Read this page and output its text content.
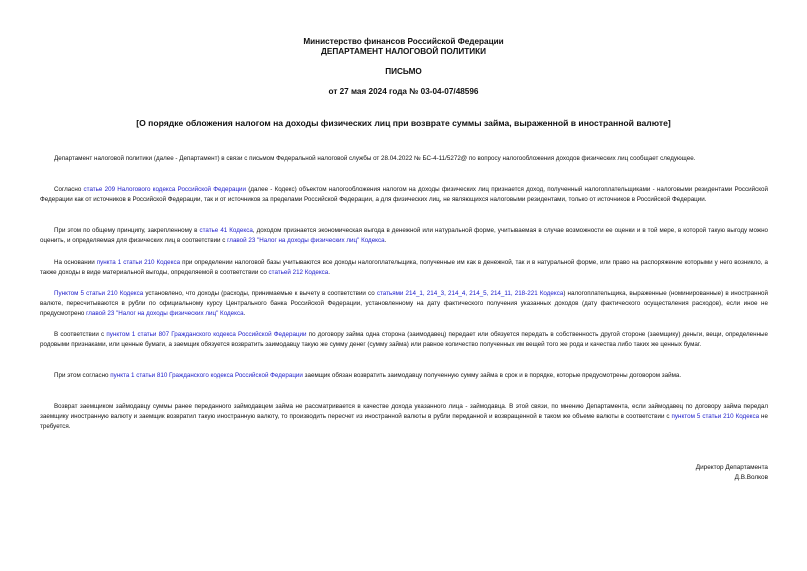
Министерство финансов Российской Федерации
ДЕПАРТАМЕНТ НАЛОГОВОЙ ПОЛИТИКИ
ПИСЬМО
от 27 мая 2024 года № 03-04-07/48596
[О порядке обложения налогом на доходы физических лиц при возврате суммы займа, выраженной в иностранной валюте]
Департамент налоговой политики (далее - Департамент) в связи с письмом Федеральной налоговой службы от 28.04.2022 № БС-4-11/5272@ по вопросу налогообложения доходов физических лиц сообщает следующее.
Согласно статье 209 Налогового кодекса Российской Федерации (далее - Кодекс) объектом налогообложения налогом на доходы физических лиц признается доход, полученный налогоплательщиками - налоговыми резидентами Российской Федерации как от источников в Российской Федерации, так и от источников за пределами Российской Федерации, а для физических лиц, не являющихся налоговыми резидентами, только от источников в Российской Федерации.
При этом по общему принципу, закрепленному в статье 41 Кодекса, доходом признается экономическая выгода в денежной или натуральной форме, учитываемая в случае возможности ее оценки и в той мере, в которой такую выгоду можно оценить, и определяемая для физических лиц в соответствии с главой 23 "Налог на доходы физических лиц" Кодекса.
На основании пункта 1 статьи 210 Кодекса при определении налоговой базы учитываются все доходы налогоплательщика, полученные им как в денежной, так и в натуральной форме, или право на распоряжение которыми у него возникло, а также доходы в виде материальной выгоды, определяемой в соответствии со статьей 212 Кодекса.
Пунктом 5 статьи 210 Кодекса установлено, что доходы (расходы, принимаемые к вычету в соответствии со статьями 214_1, 214_3, 214_4, 214_5, 214_11, 218-221 Кодекса) налогоплательщика, выраженные (номинированные) в иностранной валюте, пересчитываются в рубли по официальному курсу Центрального банка Российской Федерации, установленному на дату фактического получения указанных доходов (дату фактического осуществления расходов), если иное не предусмотрено главой 23 "Налог на доходы физических лиц" Кодекса.
В соответствии с пунктом 1 статьи 807 Гражданского кодекса Российской Федерации по договору займа одна сторона (заимодавец) передает или обязуется передать в собственность другой стороне (заемщику) деньги, вещи, определенные родовыми признаками, или ценные бумаги, а заемщик обязуется возвратить заимодавцу такую же сумму денег (сумму займа) или равное количество полученных им вещей того же рода и качества либо таких же ценных бумаг.
При этом согласно пункта 1 статьи 810 Гражданского кодекса Российской Федерации заемщик обязан возвратить заимодавцу полученную сумму займа в срок и в порядке, которые предусмотрены договором займа.
Возврат заемщиком займодавцу суммы ранее переданного займодавцем займа не рассматривается в качестве дохода указанного лица - займодавца. В этой связи, по мнению Департамента, если займодавец по договору займа передал заемщику иностранную валюту и заемщик возвратил такую иностранную валюту, то производить пересчет из иностранной валюты в рубли переданной и возвращенной в таком же объеме валюты в соответствии с пунктом 5 статьи 210 Кодекса не требуется.
Директор Департамента
Д.В.Волков
